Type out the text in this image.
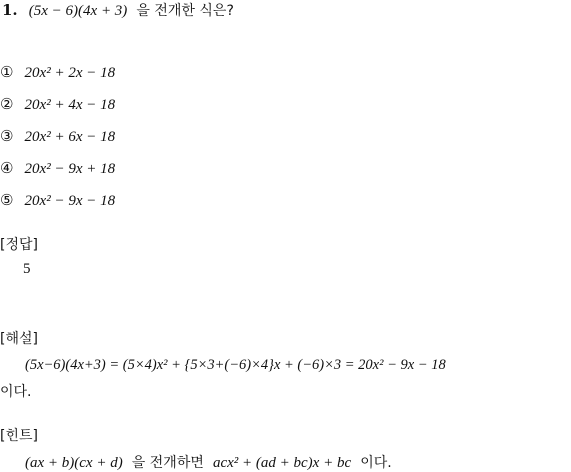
1. (5x − 6)(4x + 3) 을 전개한 식은?
① 20x² + 2x − 18
② 20x² + 4x − 18
③ 20x² + 6x − 18
④ 20x² − 9x + 18
⑤ 20x² − 9x − 18
[정답]
5
[해설]
(5x−6)(4x+3) = (5×4)x² + {5×3+(−6)×4}x + (−6)×3 = 20x² − 9x − 18
이다.
[힌트]
(ax + b)(cx + d) 을 전개하면 acx² + (ad + bc)x + bc 이다.
